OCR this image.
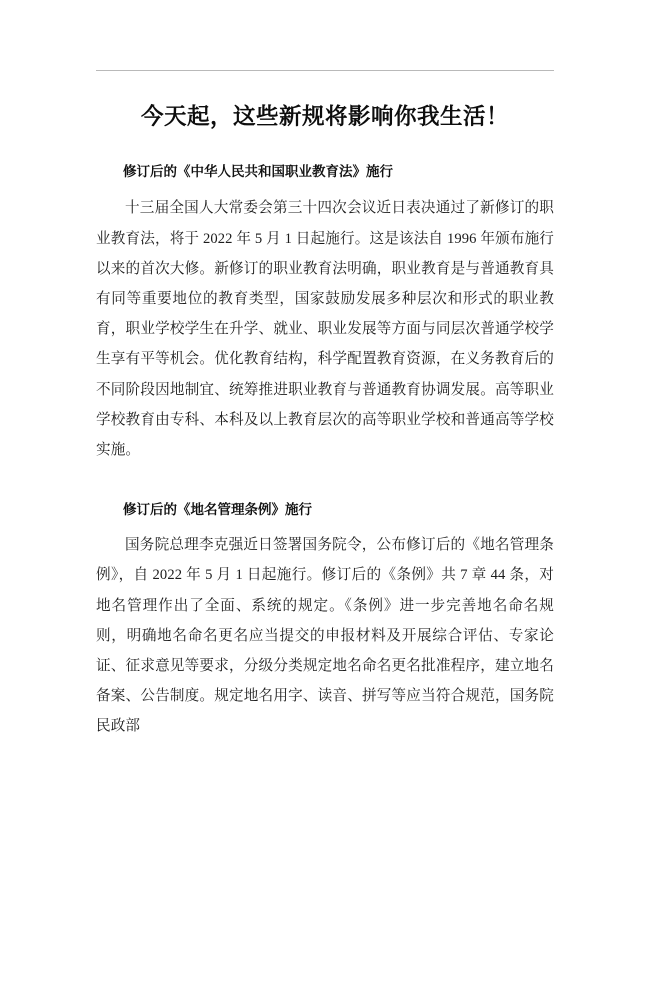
今天起，这些新规将影响你我生活！
修订后的《中华人民共和国职业教育法》施行

十三届全国人大常委会第三十四次会议近日表决通过了新修订的职业教育法，将于 2022 年 5 月 1 日起施行。这是该法自 1996 年颁布施行以来的首次大修。新修订的职业教育法明确，职业教育是与普通教育具有同等重要地位的教育类型，国家鼓励发展多种层次和形式的职业教育，职业学校学生在升学、就业、职业发展等方面与同层次普通学校学生享有平等机会。优化教育结构，科学配置教育资源，在义务教育后的不同阶段因地制宜、统筹推进职业教育与普通教育协调发展。高等职业学校教育由专科、本科及以上教育层次的高等职业学校和普通高等学校实施。

修订后的《地名管理条例》施行

国务院总理李克强近日签署国务院令，公布修订后的《地名管理条例》，自 2022 年 5 月 1 日起施行。修订后的《条例》共 7 章 44 条，对地名管理作出了全面、系统的规定。《条例》进一步完善地名命名规则，明确地名命名更名应当提交的申报材料及开展综合评估、专家论证、征求意见等要求，分级分类规定地名命名更名批准程序，建立地名备案、公告制度。规定地名用字、读音、拼写等应当符合规范，国务院民政部
